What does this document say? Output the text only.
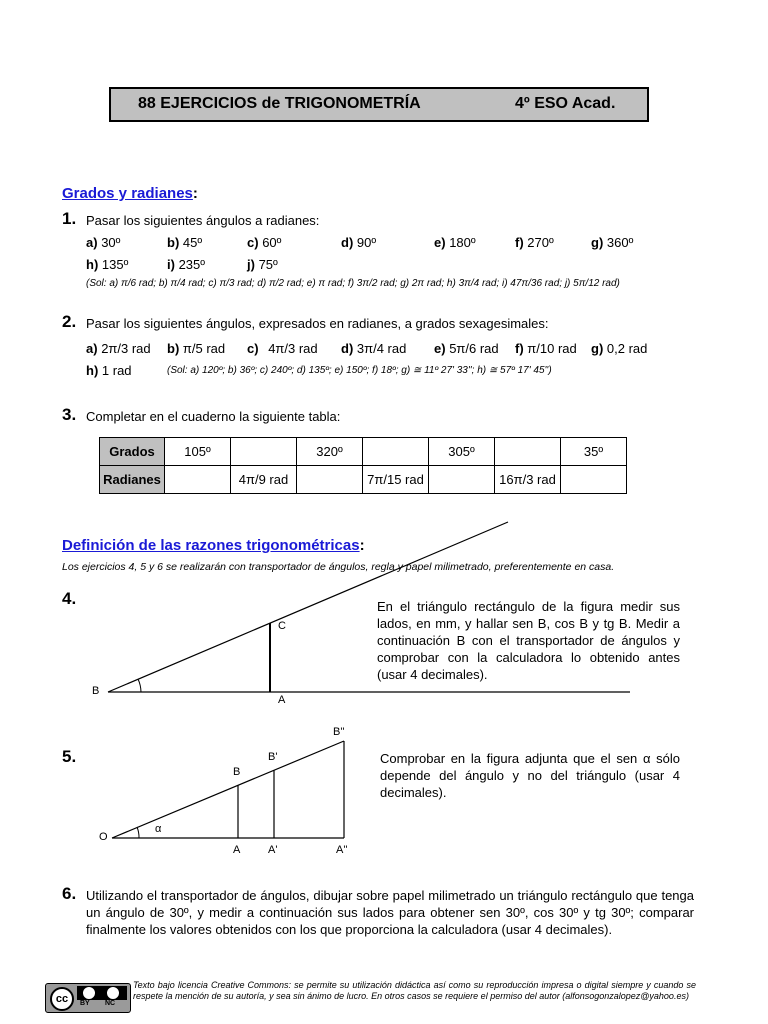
88 EJERCICIOS de TRIGONOMETRÍA	4º ESO Acad.
Grados y radianes:
1. Pasar los siguientes ángulos a radianes:
a) 30º	b) 45º	c) 60º	d) 90º	e) 180º	f) 270º	g) 360º
h) 135º	i) 235º	j) 75º
(Sol: a) π/6 rad; b) π/4 rad; c) π/3 rad; d) π/2 rad; e) π rad; f) 3π/2 rad; g) 2π rad; h) 3π/4 rad; i) 47π/36 rad; j) 5π/12 rad)
2. Pasar los siguientes ángulos, expresados en radianes, a grados sexagesimales:
a) 2π/3 rad b) π/5 rad c) 4π/3 rad d) 3π/4 rad e) 5π/6 rad f) π/10 rad g) 0,2 rad
h) 1 rad	(Sol: a) 120º; b) 36º; c) 240º; d) 135º; e) 150º; f) 18º; g) ≅ 11º 27' 33''; h) ≅ 57º 17' 45'')
3. Completar en el cuaderno la siguiente tabla:
Grados	105º		320º		305º		35º
Radianes		4π/9 rad		7π/15 rad		16π/3 rad	
Definición de las razones trigonométricas:
Los ejercicios 4, 5 y 6 se realizarán con transportador de ángulos, regla y papel milimetrado, preferentemente en casa.
B
A
C
4.	En el triángulo rectángulo de la figura medir sus lados, en mm, y hallar sen B, cos B y tg B. Medir a continuación B con el transportador de ángulos y comprobar con la calculadora lo obtenido antes (usar 4 decimales).
O
α
A	A'	A''
B
B'
B''
5.	Comprobar en la figura adjunta que el sen α sólo depende del ángulo y no del triángulo (usar 4 decimales).
6. Utilizando el transportador de ángulos, dibujar sobre papel milimetrado un triángulo rectángulo que tenga un ángulo de 30º, y medir a continuación sus lados para obtener sen 30º, cos 30º y tg 30º; comparar finalmente los valores obtenidos con los que proporciona la calculadora (usar 4 decimales).
cc	BY NC
Texto bajo licencia Creative Commons: se permite su utilización didáctica así como su reproducción impresa o digital siempre y cuando se respete la mención de su autoría, y sea sin ánimo de lucro. En otros casos se requiere el permiso del autor (alfonsogonzalopez@yahoo.es)
